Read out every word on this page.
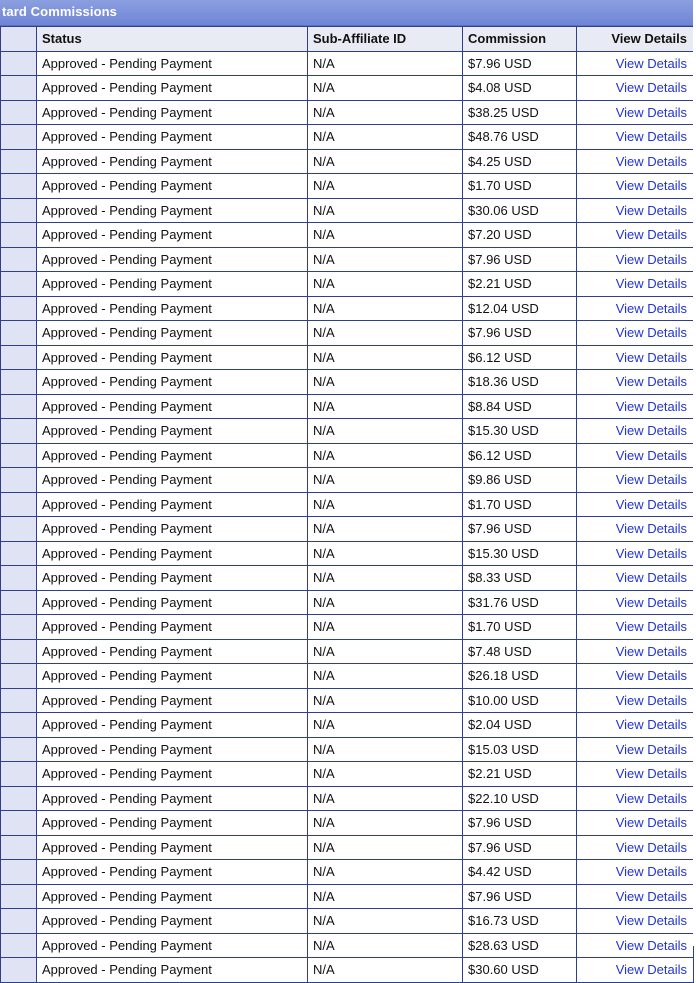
tard Commissions
	Status	Sub-Affiliate ID	Commission	View Details
	Approved - Pending Payment	N/A	$7.96 USD	View Details
	Approved - Pending Payment	N/A	$4.08 USD	View Details
	Approved - Pending Payment	N/A	$38.25 USD	View Details
	Approved - Pending Payment	N/A	$48.76 USD	View Details
	Approved - Pending Payment	N/A	$4.25 USD	View Details
	Approved - Pending Payment	N/A	$1.70 USD	View Details
	Approved - Pending Payment	N/A	$30.06 USD	View Details
	Approved - Pending Payment	N/A	$7.20 USD	View Details
	Approved - Pending Payment	N/A	$7.96 USD	View Details
	Approved - Pending Payment	N/A	$2.21 USD	View Details
	Approved - Pending Payment	N/A	$12.04 USD	View Details
	Approved - Pending Payment	N/A	$7.96 USD	View Details
	Approved - Pending Payment	N/A	$6.12 USD	View Details
	Approved - Pending Payment	N/A	$18.36 USD	View Details
	Approved - Pending Payment	N/A	$8.84 USD	View Details
	Approved - Pending Payment	N/A	$15.30 USD	View Details
	Approved - Pending Payment	N/A	$6.12 USD	View Details
	Approved - Pending Payment	N/A	$9.86 USD	View Details
	Approved - Pending Payment	N/A	$1.70 USD	View Details
	Approved - Pending Payment	N/A	$7.96 USD	View Details
	Approved - Pending Payment	N/A	$15.30 USD	View Details
	Approved - Pending Payment	N/A	$8.33 USD	View Details
	Approved - Pending Payment	N/A	$31.76 USD	View Details
	Approved - Pending Payment	N/A	$1.70 USD	View Details
	Approved - Pending Payment	N/A	$7.48 USD	View Details
	Approved - Pending Payment	N/A	$26.18 USD	View Details
	Approved - Pending Payment	N/A	$10.00 USD	View Details
	Approved - Pending Payment	N/A	$2.04 USD	View Details
	Approved - Pending Payment	N/A	$15.03 USD	View Details
	Approved - Pending Payment	N/A	$2.21 USD	View Details
	Approved - Pending Payment	N/A	$22.10 USD	View Details
	Approved - Pending Payment	N/A	$7.96 USD	View Details
	Approved - Pending Payment	N/A	$7.96 USD	View Details
	Approved - Pending Payment	N/A	$4.42 USD	View Details
	Approved - Pending Payment	N/A	$7.96 USD	View Details
	Approved - Pending Payment	N/A	$16.73 USD	View Details
	Approved - Pending Payment	N/A	$28.63 USD	View Details
	Approved - Pending Payment	N/A	$30.60 USD	View Details
